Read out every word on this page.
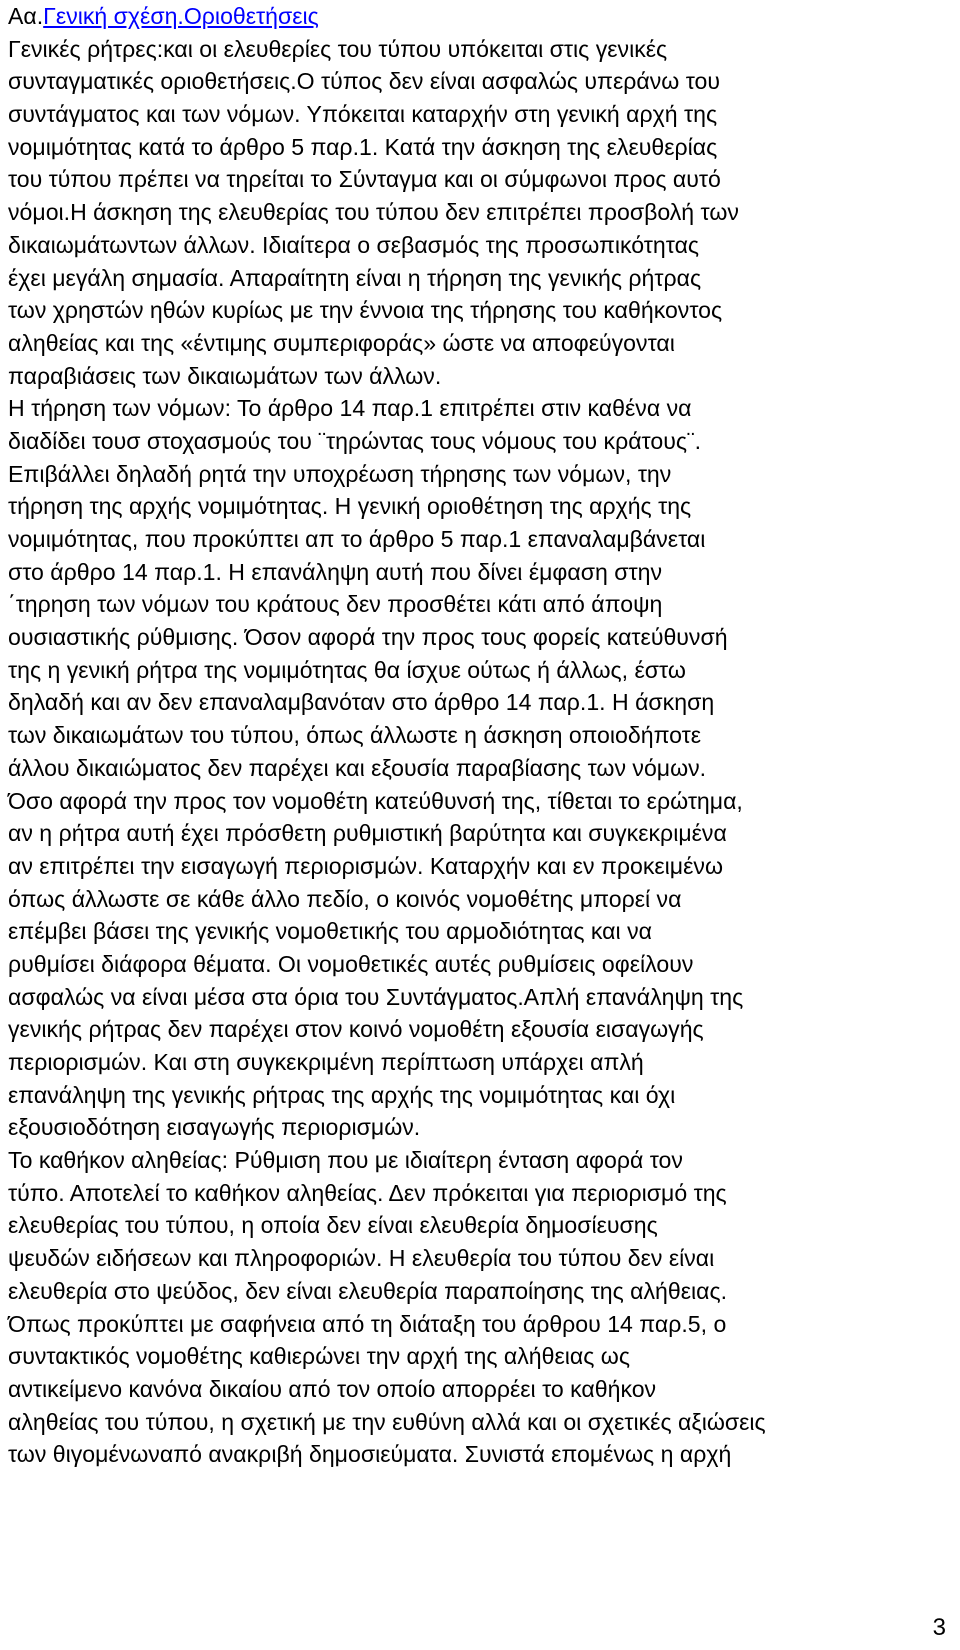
Αα.Γενική σχέση.Οριοθετήσεις
Γενικές ρήτρες:και οι ελευθερίες του τύπου υπόκειται στις γενικές
συνταγματικές οριοθετήσεις.Ο τύπος δεν είναι ασφαλώς υπεράνω του
συντάγματος και των νόμων. Υπόκειται καταρχήν στη γενική αρχή της
νομιμότητας κατά το άρθρο 5 παρ.1. Κατά την άσκηση της ελευθερίας
του τύπου πρέπει να τηρείται το Σύνταγμα και οι σύμφωνοι προς αυτό
νόμοι.Η άσκηση της ελευθερίας του τύπου δεν επιτρέπει προσβολή των
δικαιωμάτωντων άλλων. Ιδιαίτερα ο σεβασμός της προσωπικότητας
έχει μεγάλη σημασία. Απαραίτητη είναι η τήρηση της γενικής ρήτρας
των χρηστών ηθών κυρίως με την έννοια της τήρησης του καθήκοντος
αληθείας και της «έντιμης συμπεριφοράς» ώστε να αποφεύγονται
παραβιάσεις των δικαιωμάτων των άλλων.
Η τήρηση των νόμων: Το άρθρο 14 παρ.1 επιτρέπει στιν καθένα να
διαδίδει τουσ στοχασμούς του ¨τηρώντας τους νόμους του κράτους¨.
Επιβάλλει δηλαδή ρητά την υποχρέωση τήρησης των νόμων, την
τήρηση της αρχής νομιμότητας. Η γενική οριοθέτηση της αρχής της
νομιμότητας, που προκύπτει απ το άρθρο 5 παρ.1 επαναλαμβάνεται
στο άρθρο 14 παρ.1. Η επανάληψη αυτή που δίνει έμφαση στην
΄τηρηση των νόμων του κράτους δεν προσθέτει κάτι από άποψη
ουσιαστικής ρύθμισης. Όσον αφορά την προς τους φορείς κατεύθυνσή
της η γενική ρήτρα της νομιμότητας θα ίσχυε ούτως ή άλλως, έστω
δηλαδή και αν δεν επαναλαμβανόταν στο άρθρο 14 παρ.1. Η άσκηση
των δικαιωμάτων του τύπου, όπως άλλωστε η άσκηση οποιοδήποτε
άλλου δικαιώματος δεν παρέχει και εξουσία παραβίασης των νόμων.
Όσο αφορά την προς τον νομοθέτη κατεύθυνσή της, τίθεται το ερώτημα,
αν η ρήτρα αυτή έχει πρόσθετη ρυθμιστική βαρύτητα και συγκεκριμένα
αν επιτρέπει την εισαγωγή περιορισμών. Καταρχήν και εν προκειμένω
όπως άλλωστε σε κάθε άλλο πεδίο, ο κοινός νομοθέτης μπορεί να
επέμβει βάσει της γενικής νομοθετικής του αρμοδιότητας και να
ρυθμίσει διάφορα θέματα. Οι νομοθετικές αυτές ρυθμίσεις οφείλουν
ασφαλώς να είναι μέσα στα όρια του Συντάγματος.Απλή επανάληψη της
γενικής ρήτρας δεν παρέχει στον κοινό νομοθέτη εξουσία εισαγωγής
περιορισμών. Και στη συγκεκριμένη περίπτωση υπάρχει απλή
επανάληψη της γενικής ρήτρας της αρχής της νομιμότητας και όχι
εξουσιοδότηση εισαγωγής περιορισμών.
Το καθήκον αληθείας: Ρύθμιση που με ιδιαίτερη ένταση αφορά τον
τύπο. Αποτελεί το καθήκον αληθείας. Δεν πρόκειται για περιορισμό της
ελευθερίας του τύπου, η οποία δεν είναι ελευθερία δημοσίευσης
ψευδών ειδήσεων και πληροφοριών. Η ελευθερία του τύπου δεν είναι
ελευθερία στο ψεύδος, δεν είναι ελευθερία παραποίησης της αλήθειας.
Όπως προκύπτει με σαφήνεια από τη διάταξη του άρθρου 14 παρ.5, ο
συντακτικός νομοθέτης καθιερώνει την αρχή της αλήθειας ως
αντικείμενο κανόνα δικαίου από τον οποίο απορρέει το καθήκον
αληθείας του τύπου, η σχετική με την ευθύνη αλλά και οι σχετικές αξιώσεις
των θιγομένωναπό ανακριβή δημοσιεύματα. Συνιστά επομένως η αρχή
3
